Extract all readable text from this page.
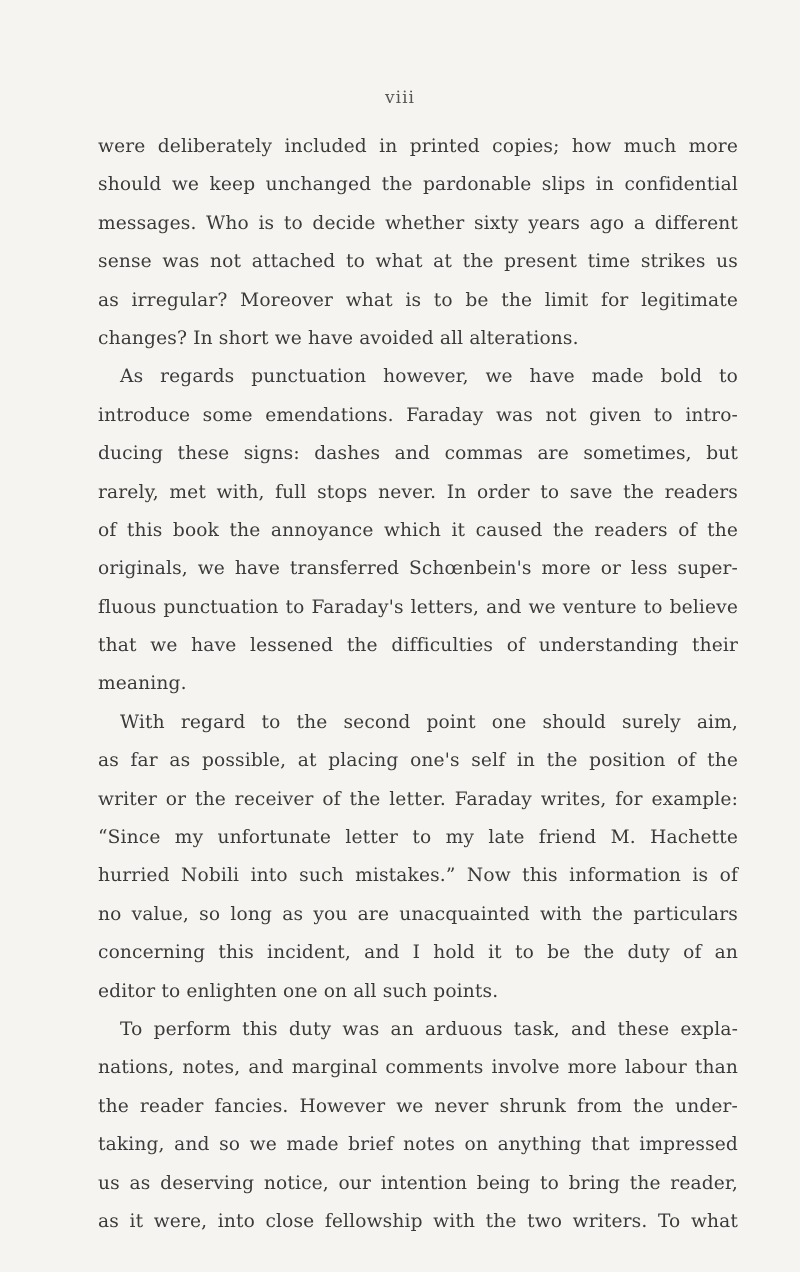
viii
were deliberately included in printed copies; how much more
should we keep unchanged the pardonable slips in confidential
messages. Who is to decide whether sixty years ago a different
sense was not attached to what at the present time strikes us
as irregular? Moreover what is to be the limit for legitimate
changes? In short we have avoided all alterations.
As regards punctuation however, we have made bold to
introduce some emendations. Faraday was not given to intro-
ducing these signs: dashes and commas are sometimes, but
rarely, met with, full stops never. In order to save the readers
of this book the annoyance which it caused the readers of the
originals, we have transferred Schœnbein's more or less super-
fluous punctuation to Faraday's letters, and we venture to believe
that we have lessened the difficulties of understanding their
meaning.
With regard to the second point one should surely aim,
as far as possible, at placing one's self in the position of the
writer or the receiver of the letter. Faraday writes, for example:
“Since my unfortunate letter to my late friend M. Hachette
hurried Nobili into such mistakes.” Now this information is of
no value, so long as you are unacquainted with the particulars
concerning this incident, and I hold it to be the duty of an
editor to enlighten one on all such points.
To perform this duty was an arduous task, and these expla-
nations, notes, and marginal comments involve more labour than
the reader fancies. However we never shrunk from the under-
taking, and so we made brief notes on anything that impressed
us as deserving notice, our intention being to bring the reader,
as it were, into close fellowship with the two writers. To what
